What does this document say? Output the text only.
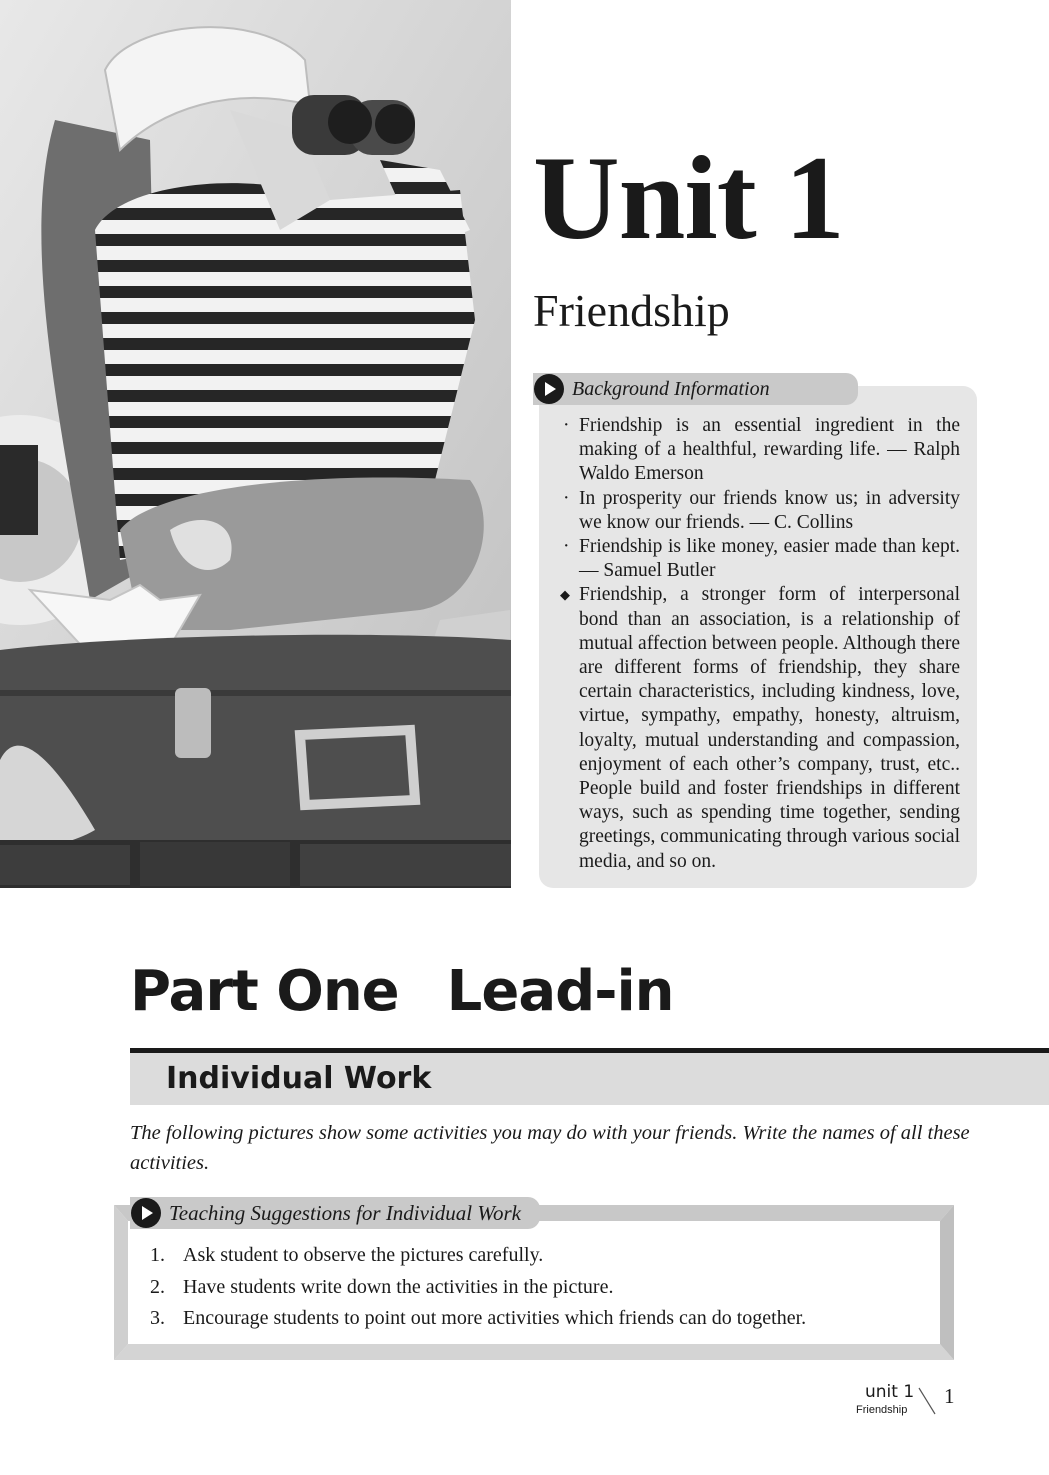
Unit 1
Friendship
Background Information
· Friendship is an essential ingredient in the making of a healthful, rewarding life. — Ralph Waldo Emerson
· In prosperity our friends know us; in adversity we know our friends. — C. Collins
· Friendship is like money, easier made than kept. — Samuel Butler
◆ Friendship, a stronger form of interpersonal bond than an association, is a relationship of mutual affection between people. Although there are different forms of friendship, they share certain characteristics, including kindness, love, virtue, sympathy, empathy, honesty, altruism, loyalty, mutual understanding and compassion, enjoyment of each other’s company, trust, etc.. People build and foster friendships in different ways, such as spending time together, sending greetings, communicating through various social media, and so on.
Part One Lead-in
Individual Work
The following pictures show some activities you may do with your friends. Write the names of all these activities.
Teaching Suggestions for Individual Work
1. Ask student to observe the pictures carefully.
2. Have students write down the activities in the picture.
3. Encourage students to point out more activities which friends can do together.
unit 1
Friendship
1
